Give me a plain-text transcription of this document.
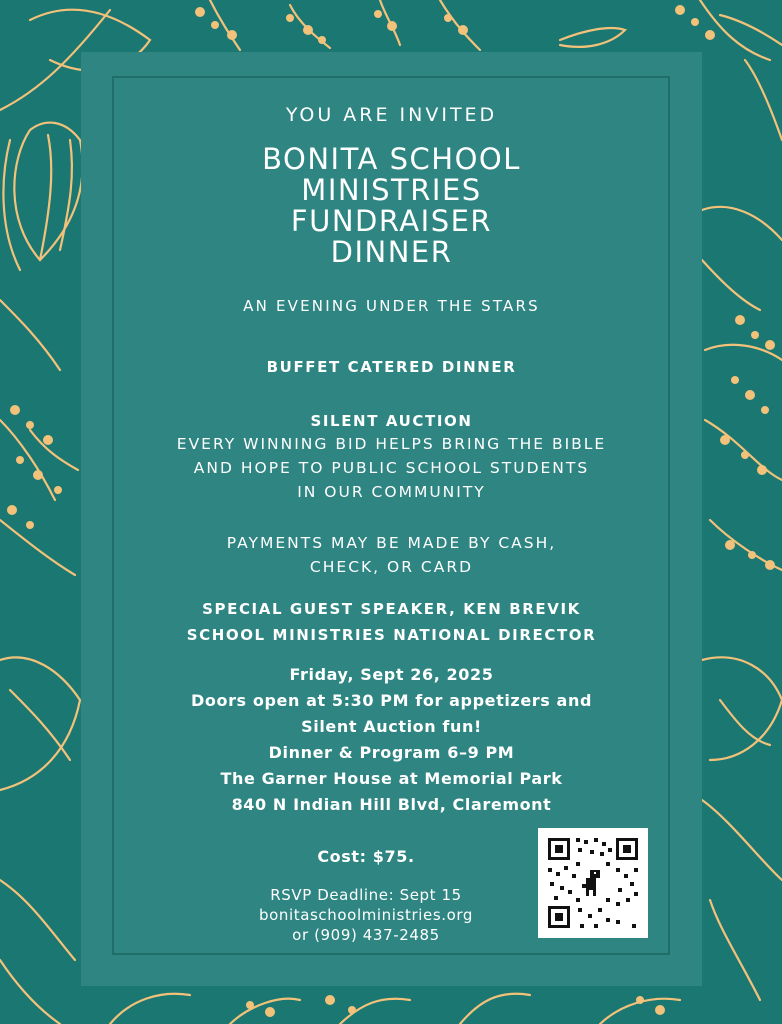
YOU ARE INVITED

BONITA SCHOOL
MINISTRIES
FUNDRAISER
DINNER

AN EVENING UNDER THE STARS

BUFFET CATERED DINNER

SILENT AUCTION

EVERY WINNING BID HELPS BRING THE BIBLE
AND HOPE TO PUBLIC SCHOOL STUDENTS
IN OUR COMMUNITY
PAYMENTS MAY BE MADE BY CASH,
CHECK, OR CARD
SPECIAL GUEST SPEAKER, KEN BREVIK
SCHOOL MINISTRIES NATIONAL DIRECTOR
Friday, Sept 26, 2025
Doors open at 5:30 PM for appetizers and
Silent Auction fun!
Dinner & Program 6–9 PM
The Garner House at Memorial Park
840 N Indian Hill Blvd, Claremont

Cost: $75.

RSVP Deadline: Sept 15
bonitaschoolministries.org
or (909) 437-2485
